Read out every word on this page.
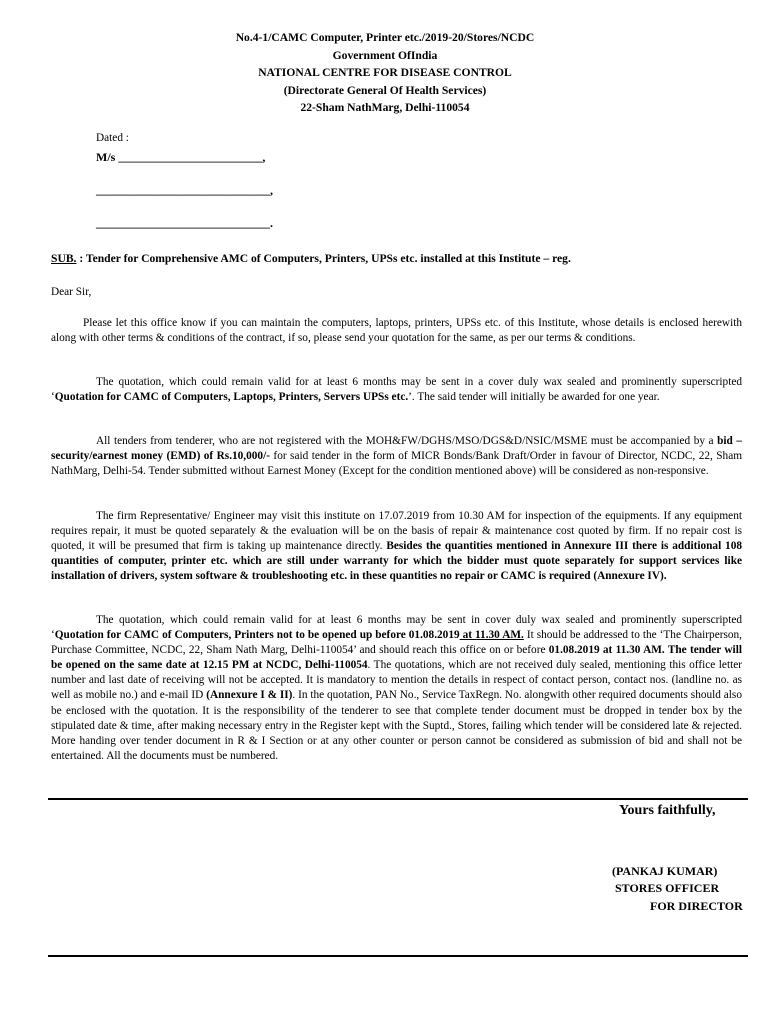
No.4-1/CAMC Computer, Printer etc./2019-20/Stores/NCDC
Government OfIndia
NATIONAL CENTRE FOR DISEASE CONTROL
(Directorate General Of Health Services)
22-Sham NathMarg, Delhi-110054
Dated :
M/s ________________________,
_____________________________,
_____________________________.
SUB. : Tender for Comprehensive AMC of Computers, Printers, UPSs etc. installed at this Institute – reg.
Dear Sir,
Please let this office know if you can maintain the computers, laptops, printers, UPSs etc. of this Institute, whose details is enclosed herewith along with other terms & conditions of the contract, if so, please send your quotation for the same, as per our terms & conditions.
The quotation, which could remain valid for at least 6 months may be sent in a cover duly wax sealed and prominently superscripted ‘Quotation for CAMC of Computers, Laptops, Printers, Servers UPSs etc.’. The said tender will initially be awarded for one year.
All tenders from tenderer, who are not registered with the MOH&FW/DGHS/MSO/DGS&D/NSIC/MSME must be accompanied by a bid – security/earnest money (EMD) of Rs.10,000/- for said tender in the form of MICR Bonds/Bank Draft/Order in favour of Director, NCDC, 22, Sham NathMarg, Delhi-54. Tender submitted without Earnest Money (Except for the condition mentioned above) will be considered as non-responsive.
The firm Representative/ Engineer may visit this institute on 17.07.2019 from 10.30 AM for inspection of the equipments. If any equipment requires repair, it must be quoted separately & the evaluation will be on the basis of repair & maintenance cost quoted by firm. If no repair cost is quoted, it will be presumed that firm is taking up maintenance directly. Besides the quantities mentioned in Annexure III there is additional 108 quantities of computer, printer etc. which are still under warranty for which the bidder must quote separately for support services like installation of drivers, system software & troubleshooting etc. in these quantities no repair or CAMC is required (Annexure IV).
The quotation, which could remain valid for at least 6 months may be sent in cover duly wax sealed and prominently superscripted ‘Quotation for CAMC of Computers, Printers not to be opened up before 01.08.2019 at 11.30 AM. It should be addressed to the ‘The Chairperson, Purchase Committee, NCDC, 22, Sham Nath Marg, Delhi-110054’ and should reach this office on or before 01.08.2019 at 11.30 AM. The tender will be opened on the same date at 12.15 PM at NCDC, Delhi-110054. The quotations, which are not received duly sealed, mentioning this office letter number and last date of receiving will not be accepted. It is mandatory to mention the details in respect of contact person, contact nos. (landline no. as well as mobile no.) and e-mail ID (Annexure I & II). In the quotation, PAN No., Service TaxRegn. No. alongwith other required documents should also be enclosed with the quotation. It is the responsibility of the tenderer to see that complete tender document must be dropped in tender box by the stipulated date & time, after making necessary entry in the Register kept with the Suptd., Stores, failing which tender will be considered late & rejected. More handing over tender document in R & I Section or at any other counter or person cannot be considered as submission of bid and shall not be entertained. All the documents must be numbered.
Yours faithfully,
(PANKAJ KUMAR)
STORES OFFICER
FOR DIRECTOR
